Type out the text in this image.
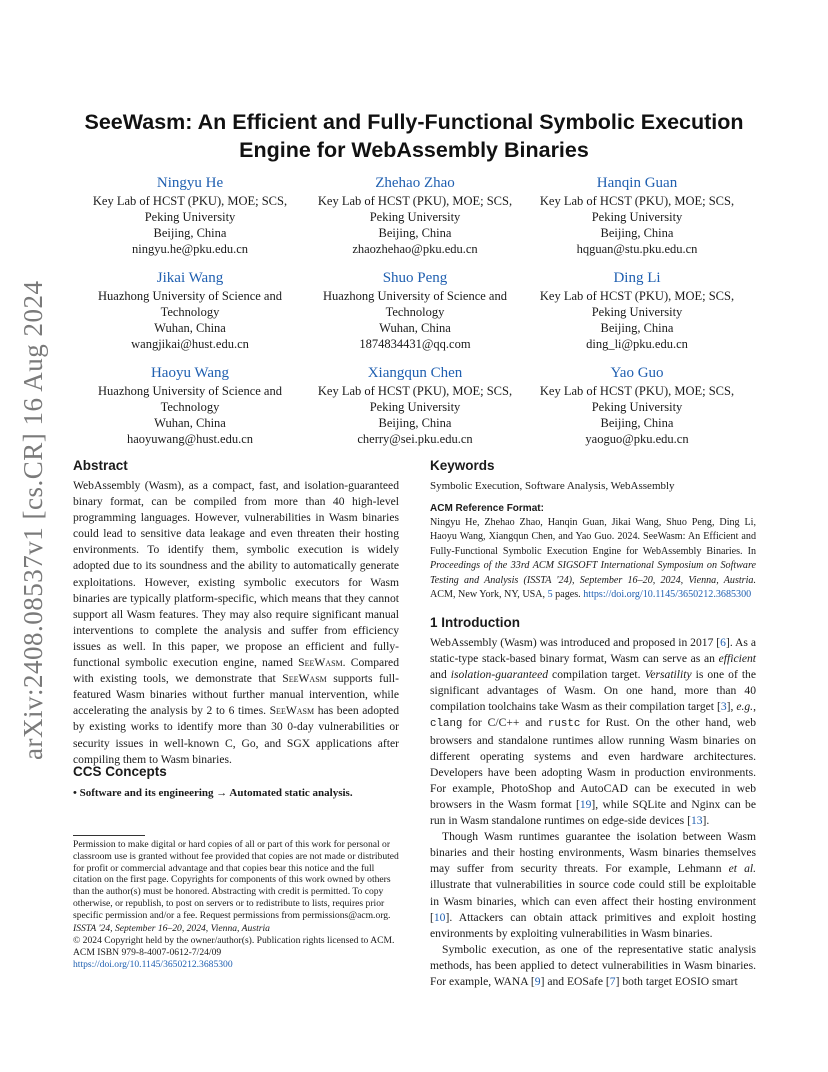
arXiv:2408.08537v1 [cs.CR] 16 Aug 2024
SeeWasm: An Efficient and Fully-Functional Symbolic Execution Engine for WebAssembly Binaries
Ningyu He
Key Lab of HCST (PKU), MOE; SCS,
Peking University
Beijing, China
ningyu.he@pku.edu.cn
Zhehao Zhao
Key Lab of HCST (PKU), MOE; SCS,
Peking University
Beijing, China
zhaozhehao@pku.edu.cn
Hanqin Guan
Key Lab of HCST (PKU), MOE; SCS,
Peking University
Beijing, China
hqguan@stu.pku.edu.cn
Jikai Wang
Huazhong University of Science and
Technology
Wuhan, China
wangjikai@hust.edu.cn
Shuo Peng
Huazhong University of Science and
Technology
Wuhan, China
1874834431@qq.com
Ding Li
Key Lab of HCST (PKU), MOE; SCS,
Peking University
Beijing, China
ding_li@pku.edu.cn
Haoyu Wang
Huazhong University of Science and
Technology
Wuhan, China
haoyuwang@hust.edu.cn
Xiangqun Chen
Key Lab of HCST (PKU), MOE; SCS,
Peking University
Beijing, China
cherry@sei.pku.edu.cn
Yao Guo
Key Lab of HCST (PKU), MOE; SCS,
Peking University
Beijing, China
yaoguo@pku.edu.cn
Abstract

WebAssembly (Wasm), as a compact, fast, and isolation-guaranteed binary format, can be compiled from more than 40 high-level programming languages. However, vulnerabilities in Wasm binaries could lead to sensitive data leakage and even threaten their hosting environments. To identify them, symbolic execution is widely adopted due to its soundness and the ability to automatically generate exploitations. However, existing symbolic executors for Wasm binaries are typically platform-specific, which means that they cannot support all Wasm features. They may also require significant manual interventions to complete the analysis and suffer from efficiency issues as well. In this paper, we propose an efficient and fully-functional symbolic execution engine, named SeeWasm. Compared with existing tools, we demonstrate that SeeWasm supports full-featured Wasm binaries without further manual intervention, while accelerating the analysis by 2 to 6 times. SeeWasm has been adopted by existing works to identify more than 30 0-day vulnerabilities or security issues in well-known C, Go, and SGX applications after compiling them to Wasm binaries.

CCS Concepts

• Software and its engineering → Automated static analysis.

Permission to make digital or hard copies of all or part of this work for personal or classroom use is granted without fee provided that copies are not made or distributed for profit or commercial advantage and that copies bear this notice and the full citation on the first page. Copyrights for components of this work owned by others than the author(s) must be honored. Abstracting with credit is permitted. To copy otherwise, or republish, to post on servers or to redistribute to lists, requires prior specific permission and/or a fee. Request permissions from permissions@acm.org.

ISSTA '24, September 16–20, 2024, Vienna, Austria

© 2024 Copyright held by the owner/author(s). Publication rights licensed to ACM.

ACM ISBN 979-8-4007-0612-7/24/09

https://doi.org/10.1145/3650212.3685300

Keywords

Symbolic Execution, Software Analysis, WebAssembly

ACM Reference Format:

Ningyu He, Zhehao Zhao, Hanqin Guan, Jikai Wang, Shuo Peng, Ding Li, Haoyu Wang, Xiangqun Chen, and Yao Guo. 2024. SeeWasm: An Efficient and Fully-Functional Symbolic Execution Engine for WebAssembly Binaries. In Proceedings of the 33rd ACM SIGSOFT International Symposium on Software Testing and Analysis (ISSTA '24), September 16–20, 2024, Vienna, Austria. ACM, New York, NY, USA, 5 pages. https://doi.org/10.1145/3650212.3685300

1 Introduction

WebAssembly (Wasm) was introduced and proposed in 2017 [6]. As a static-type stack-based binary format, Wasm can serve as an efficient and isolation-guaranteed compilation target. Versatility is one of the significant advantages of Wasm. On one hand, more than 40 compilation toolchains take Wasm as their compilation target [3], e.g., clang for C/C++ and rustc for Rust. On the other hand, web browsers and standalone runtimes allow running Wasm binaries on different operating systems and even hardware architectures. Developers have been adopting Wasm in production environments. For example, PhotoShop and AutoCAD can be executed in web browsers in the Wasm format [19], while SQLite and Nginx can be run in Wasm standalone runtimes on edge-side devices [13].

Though Wasm runtimes guarantee the isolation between Wasm binaries and their hosting environments, Wasm binaries themselves may suffer from security threats. For example, Lehmann et al. illustrate that vulnerabilities in source code could still be exploitable in Wasm binaries, which can even affect their hosting environment [10]. Attackers can obtain attack primitives and exploit hosting environments by exploiting vulnerabilities in Wasm binaries.

Symbolic execution, as one of the representative static analysis methods, has been applied to detect vulnerabilities in Wasm binaries. For example, WANA [9] and EOSafe [7] both target EOSIO smart
